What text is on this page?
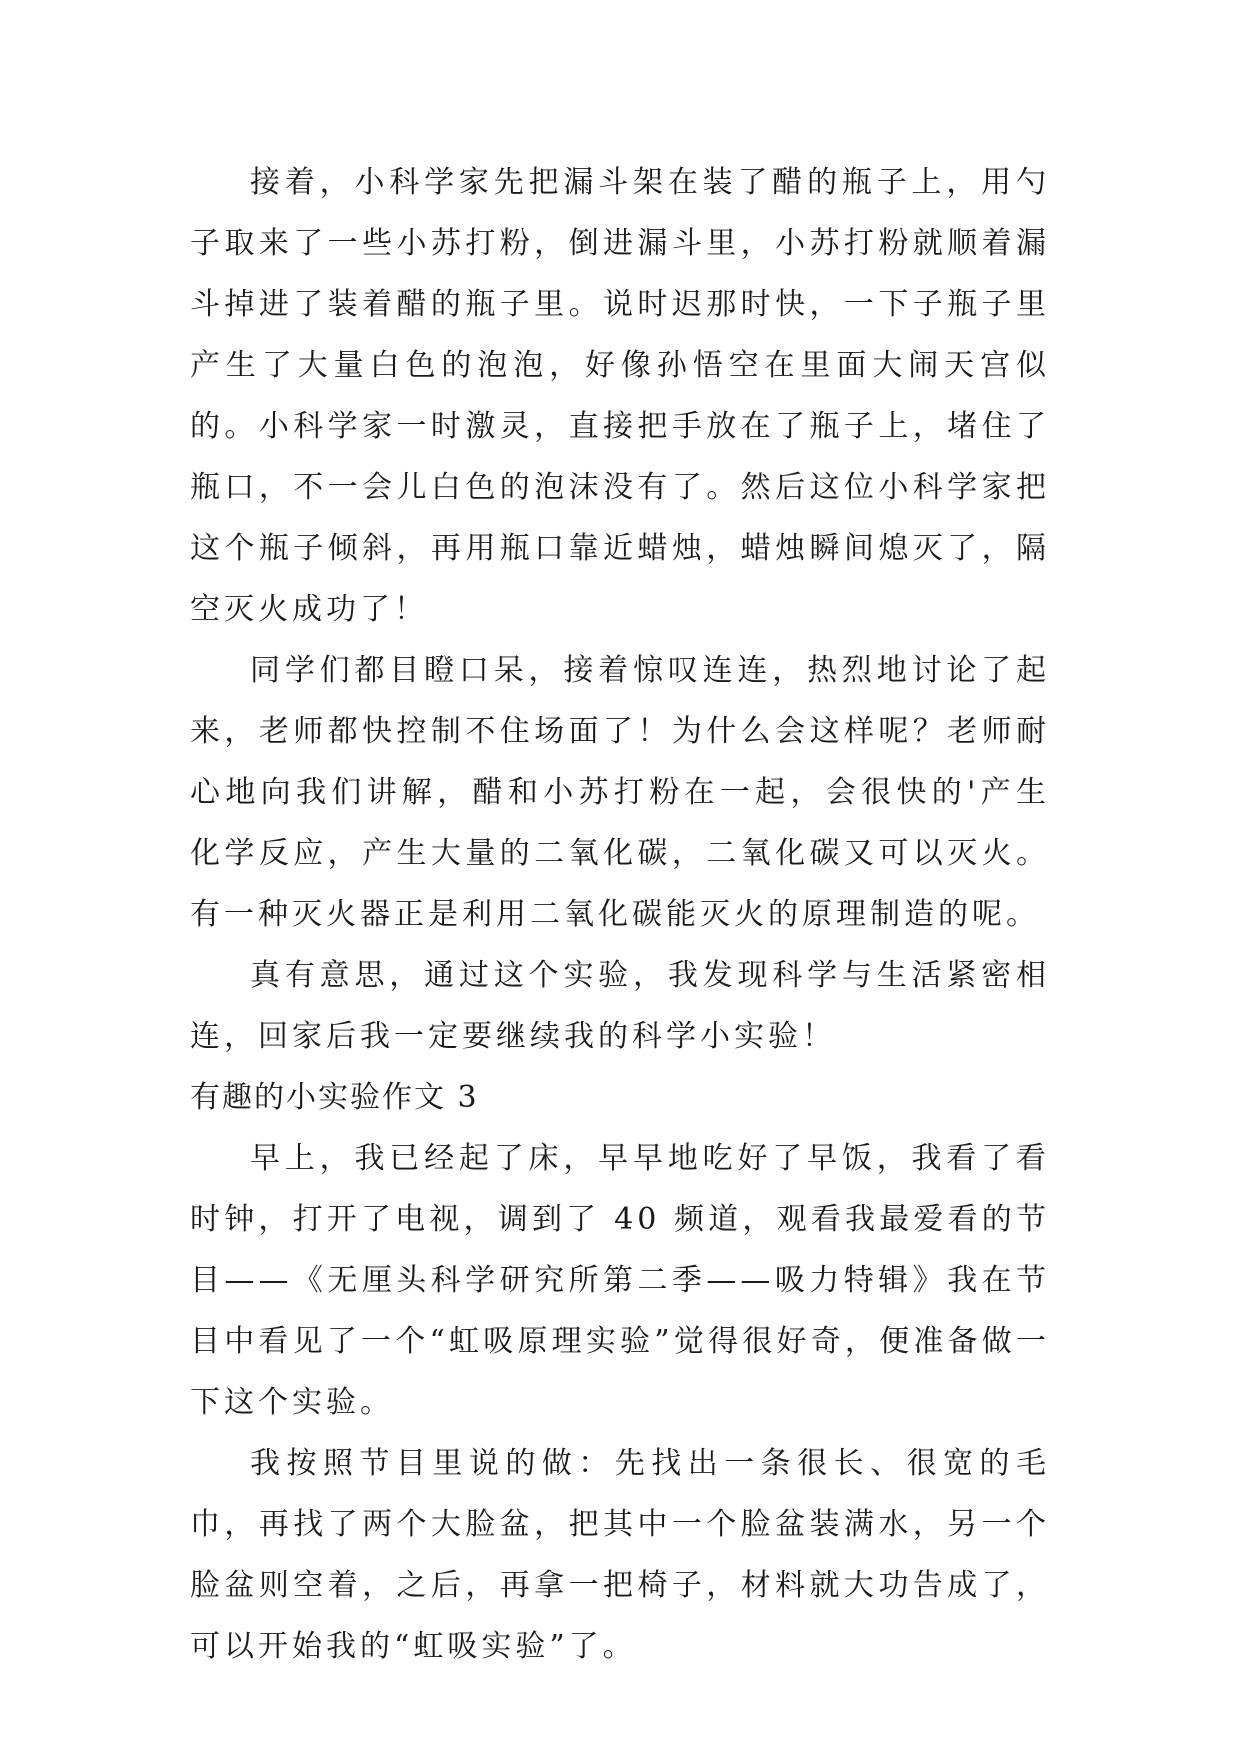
接着，小科学家先把漏斗架在装了醋的瓶子上，用勺子取来了一些小苏打粉，倒进漏斗里，小苏打粉就顺着漏斗掉进了装着醋的瓶子里。说时迟那时快，一下子瓶子里产生了大量白色的泡泡，好像孙悟空在里面大闹天宫似的。小科学家一时激灵，直接把手放在了瓶子上，堵住了瓶口，不一会儿白色的泡沫没有了。然后这位小科学家把这个瓶子倾斜，再用瓶口靠近蜡烛，蜡烛瞬间熄灭了，隔空灭火成功了！

同学们都目瞪口呆，接着惊叹连连，热烈地讨论了起来，老师都快控制不住场面了！为什么会这样呢？老师耐心地向我们讲解，醋和小苏打粉在一起，会很快的'产生化学反应，产生大量的二氧化碳，二氧化碳又可以灭火。有一种灭火器正是利用二氧化碳能灭火的原理制造的呢。

真有意思，通过这个实验，我发现科学与生活紧密相连，回家后我一定要继续我的科学小实验！

有趣的小实验作文 3

早上，我已经起了床，早早地吃好了早饭，我看了看时钟，打开了电视，调到了 40 频道，观看我最爱看的节目——《无厘头科学研究所第二季——吸力特辑》我在节目中看见了一个“虹吸原理实验”觉得很好奇，便准备做一下这个实验。

我按照节目里说的做：先找出一条很长、很宽的毛巾，再找了两个大脸盆，把其中一个脸盆装满水，另一个脸盆则空着，之后，再拿一把椅子，材料就大功告成了，可以开始我的“虹吸实验”了。
